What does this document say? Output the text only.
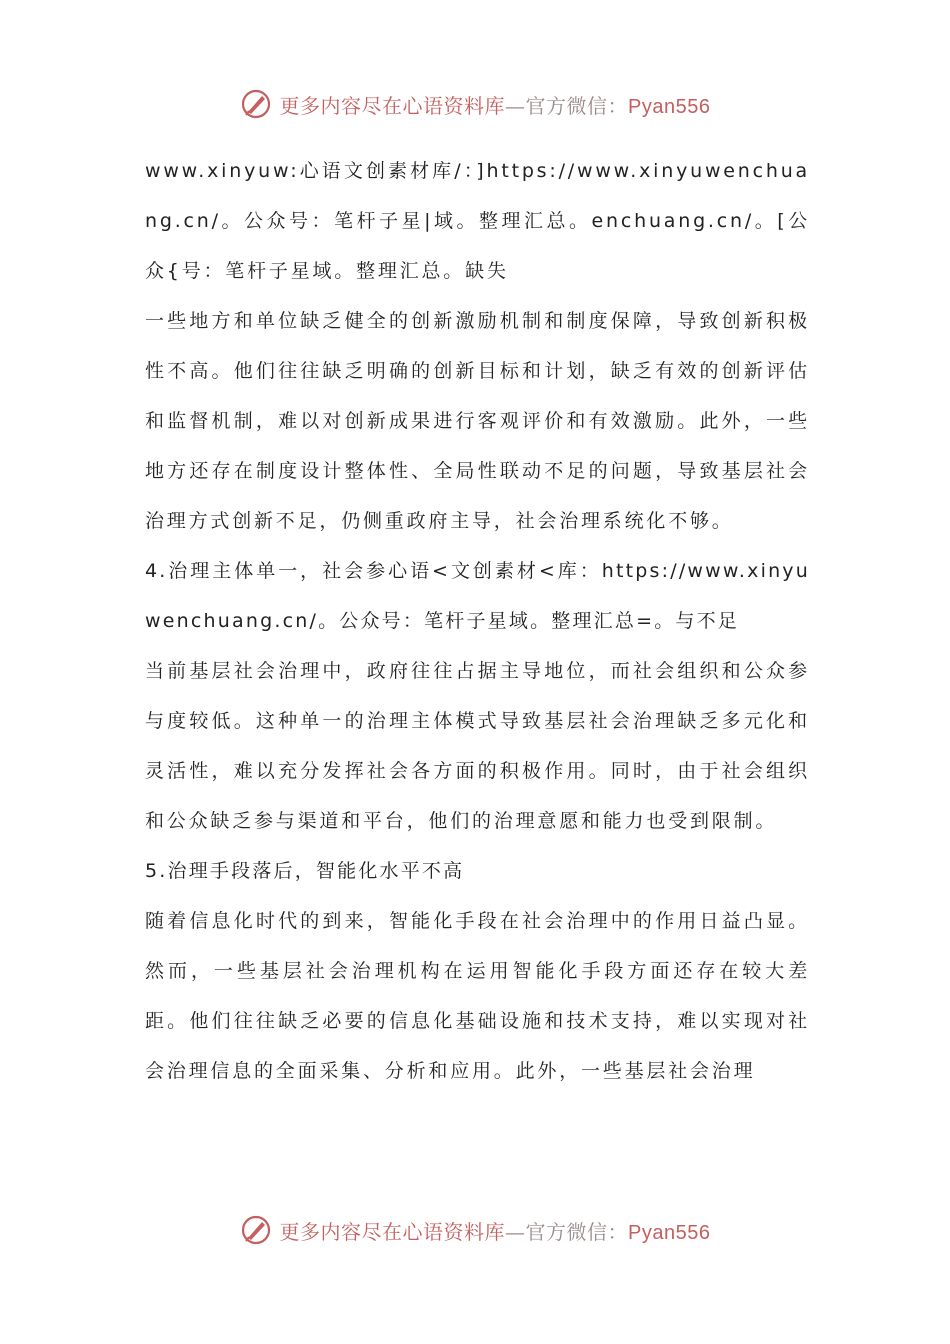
更多内容尽在心语资料库—官方微信：Pyan556

www.xinyuw:心语文创素材库/：]https://www.xinyuwenchuang.cn/。公众号：笔杆子星|域。整理汇总。enchuang.cn/。[公众{号：笔杆子星域。整理汇总。缺失

一些地方和单位缺乏健全的创新激励机制和制度保障，导致创新积极性不高。他们往往缺乏明确的创新目标和计划，缺乏有效的创新评估和监督机制，难以对创新成果进行客观评价和有效激励。此外，一些地方还存在制度设计整体性、全局性联动不足的问题，导致基层社会治理方式创新不足，仍侧重政府主导，社会治理系统化不够。

4.治理主体单一，社会参心语<文创素材<库：https://www.xinyuwenchuang.cn/。公众号：笔杆子星域。整理汇总=。与不足

当前基层社会治理中，政府往往占据主导地位，而社会组织和公众参与度较低。这种单一的治理主体模式导致基层社会治理缺乏多元化和灵活性，难以充分发挥社会各方面的积极作用。同时，由于社会组织和公众缺乏参与渠道和平台，他们的治理意愿和能力也受到限制。

5.治理手段落后，智能化水平不高

随着信息化时代的到来，智能化手段在社会治理中的作用日益凸显。然而，一些基层社会治理机构在运用智能化手段方面还存在较大差距。他们往往缺乏必要的信息化基础设施和技术支持，难以实现对社会治理信息的全面采集、分析和应用。此外，一些基层社会治理

更多内容尽在心语资料库—官方微信：Pyan556
